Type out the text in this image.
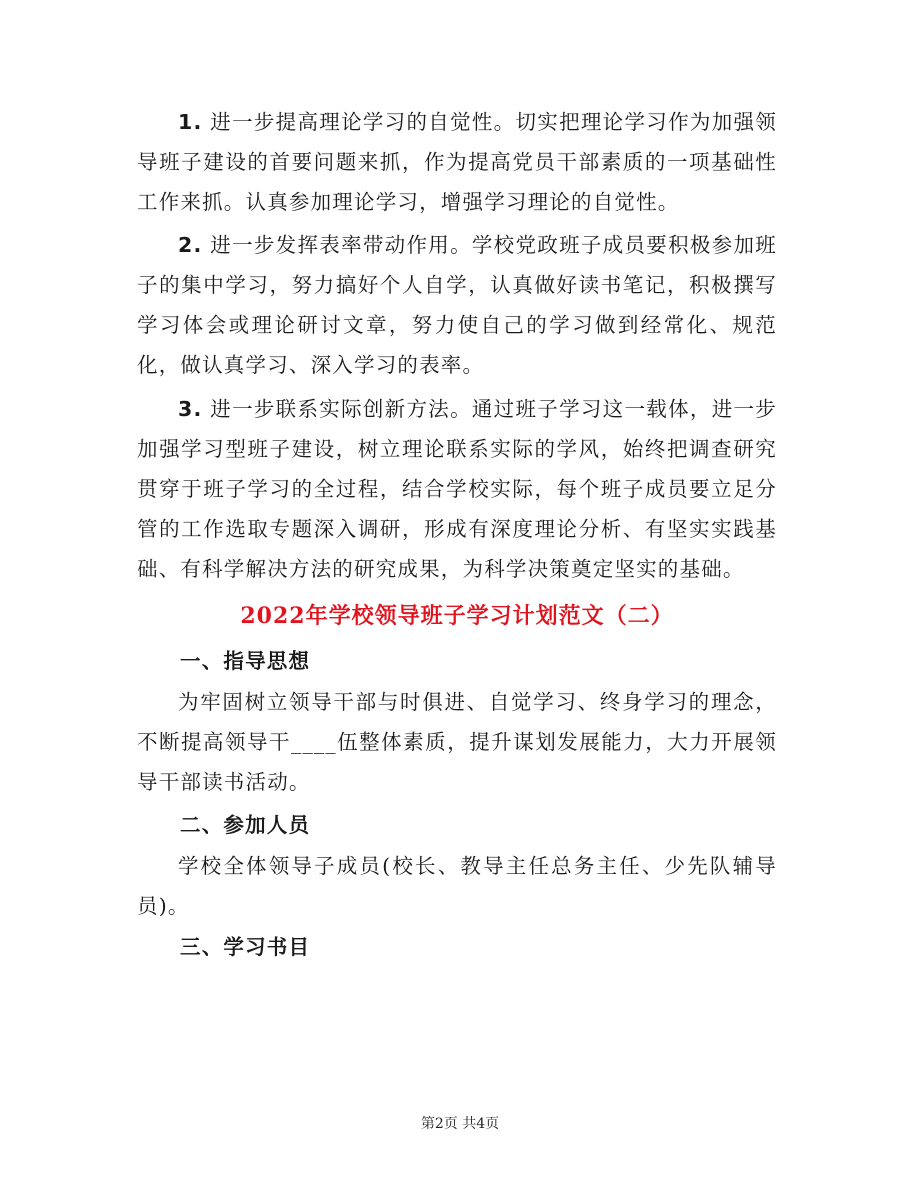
1. 进一步提高理论学习的自觉性。切实把理论学习作为加强领导班子建设的首要问题来抓，作为提高党员干部素质的一项基础性工作来抓。认真参加理论学习，增强学习理论的自觉性。

2. 进一步发挥表率带动作用。学校党政班子成员要积极参加班子的集中学习，努力搞好个人自学，认真做好读书笔记，积极撰写学习体会或理论研讨文章，努力使自己的学习做到经常化、规范化，做认真学习、深入学习的表率。

3. 进一步联系实际创新方法。通过班子学习这一载体，进一步加强学习型班子建设，树立理论联系实际的学风，始终把调查研究贯穿于班子学习的全过程，结合学校实际，每个班子成员要立足分管的工作选取专题深入调研，形成有深度理论分析、有坚实实践基础、有科学解决方法的研究成果，为科学决策奠定坚实的基础。

2022年学校领导班子学习计划范文（二）
一、指导思想

为牢固树立领导干部与时俱进、自觉学习、终身学习的理念，不断提高领导干____伍整体素质，提升谋划发展能力，大力开展领导干部读书活动。

二、参加人员

学校全体领导子成员(校长、教导主任总务主任、少先队辅导员)。

三、学习书目
第2页 共4页
